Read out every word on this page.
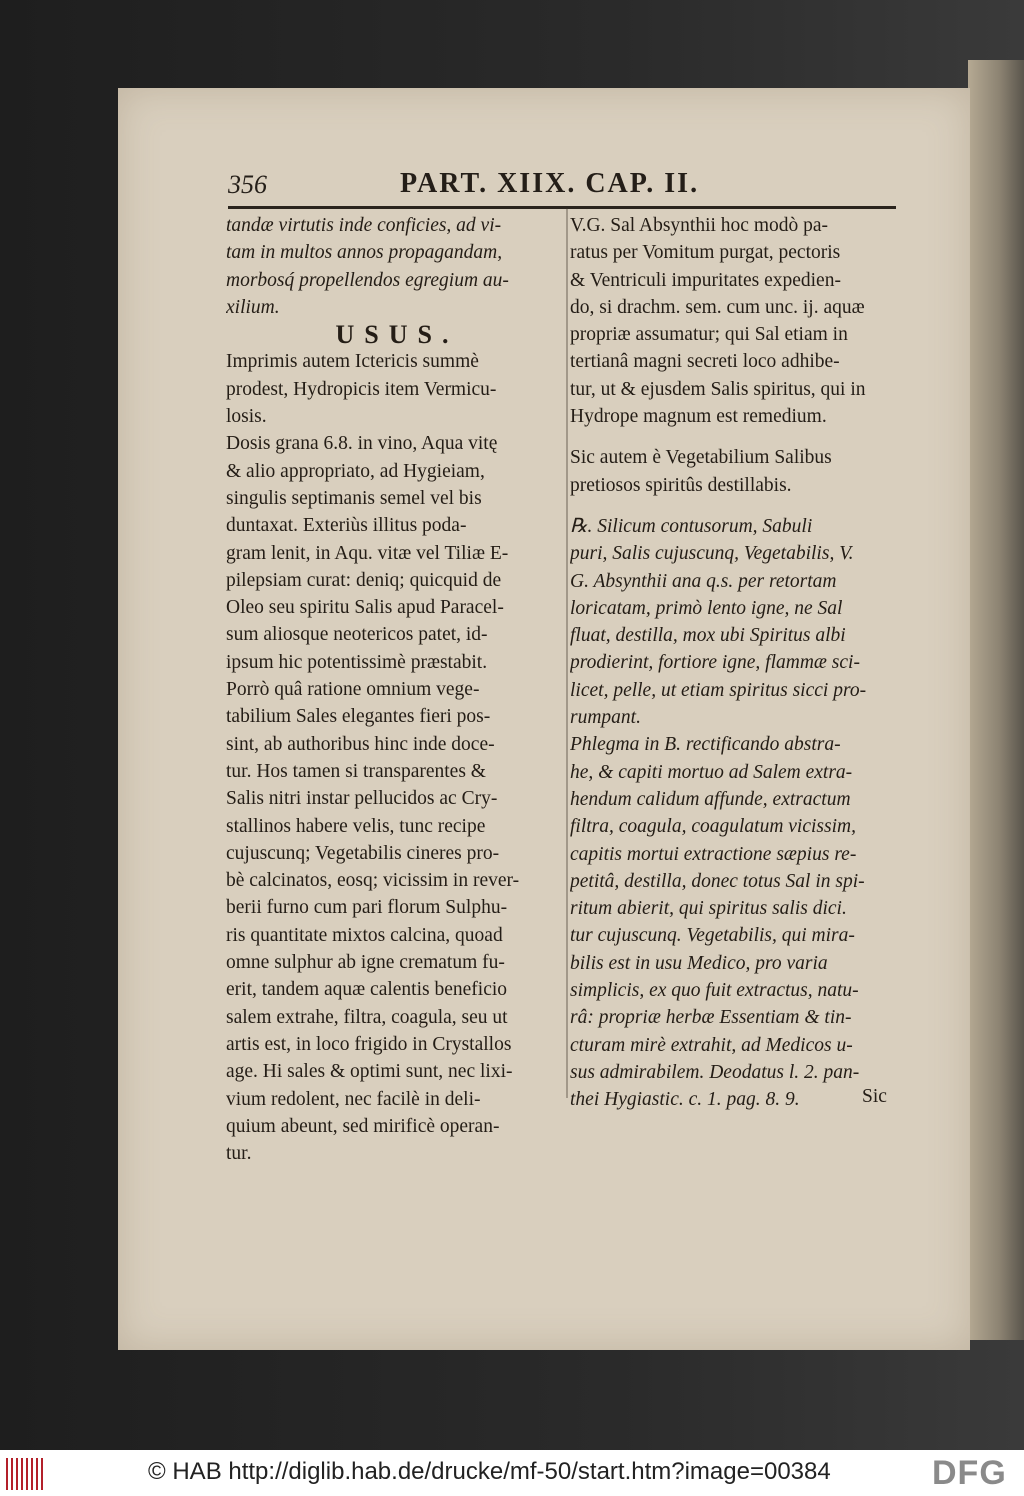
356	PART. XIIX. CAP. II.
tandæ virtutis inde conficies, ad vi-
tam in multos annos propagandam,
morbosq́ propellendos egregium au-
xilium.
USUS.
Imprimis autem Ictericis summè
prodest, Hydropicis item Vermicu-
losis.
Dosis grana 6.8. in vino, Aqua vitę
& alio appropriato, ad Hygieiam,
singulis septimanis semel vel bis
duntaxat. Exteriùs illitus poda-
gram lenit, in Aqu. vitæ vel Tiliæ E-
pilepsiam curat: deniq; quicquid de
Oleo seu spiritu Salis apud Paracel-
sum aliosque neotericos patet, id-
ipsum hic potentissimè præstabit.
Porrò quâ ratione omnium vege-
tabilium Sales elegantes fieri pos-
sint, ab authoribus hinc inde doce-
tur. Hos tamen si transparentes &
Salis nitri instar pellucidos ac Cry-
stallinos habere velis, tunc recipe
cujuscunq; Vegetabilis cineres pro-
bè calcinatos, eosq; vicissim in rever-
berii furno cum pari florum Sulphu-
ris quantitate mixtos calcina, quoad
omne sulphur ab igne crematum fu-
erit, tandem aquæ calentis beneficio
salem extrahe, filtra, coagula, seu ut
artis est, in loco frigido in Crystallos
age. Hi sales & optimi sunt, nec lixi-
vium redolent, nec facilè in deli-
quium abeunt, sed mirificè operan-
tur.
V.G. Sal Absynthii hoc modò pa-
ratus per Vomitum purgat, pectoris
& Ventriculi impuritates expedien-
do, si drachm. sem. cum unc. ij. aquæ
propriæ assumatur; qui Sal etiam in
tertianâ magni secreti loco adhibe-
tur, ut & ejusdem Salis spiritus, qui in
Hydrope magnum est remedium.
Sic autem è Vegetabilium Salibus
pretiosos spiritûs destillabis.
℞. Silicum contusorum, Sabuli
puri, Salis cujuscunq, Vegetabilis, V.
G. Absynthii ana q.s. per retortam
loricatam, primò lento igne, ne Sal
fluat, destilla, mox ubi Spiritus albi
prodierint, fortiore igne, flammæ sci-
licet, pelle, ut etiam spiritus sicci pro-
rumpant.
Phlegma in B. rectificando abstra-
he, & capiti mortuo ad Salem extra-
hendum calidum affunde, extractum
filtra, coagula, coagulatum vicissim,
capitis mortui extractione sæpius re-
petitâ, destilla, donec totus Sal in spi-
ritum abierit, qui spiritus salis dici.
tur cujuscunq. Vegetabilis, qui mira-
bilis est in usu Medico, pro varia
simplicis, ex quo fuit extractus, natu-
râ: propriæ herbæ Essentiam & tin-
cturam mirè extrahit, ad Medicos u-
sus admirabilem. Deodatus l. 2. pan-
thei Hygiastic. c. 1. pag. 8. 9.	Sic
© HAB http://diglib.hab.de/drucke/mf-50/start.htm?image=00384	DFG
